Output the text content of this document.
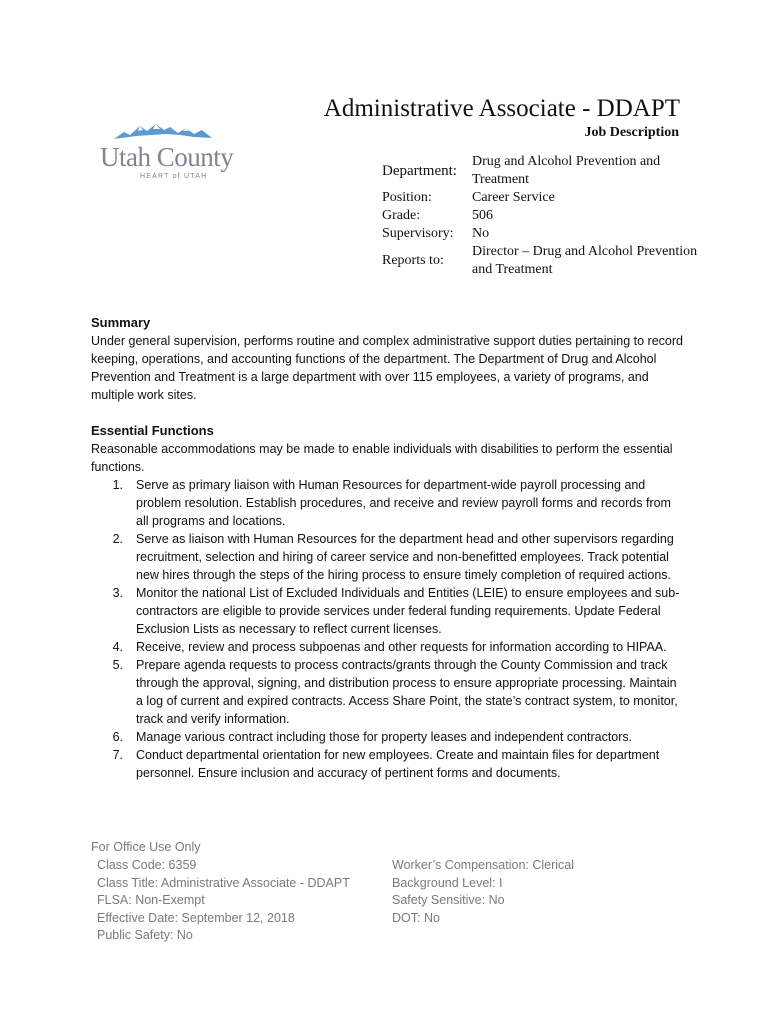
Utah County
HEART of UTAH
Administrative Associate - DDAPT
Job Description
Department:
Drug and Alcohol Prevention and Treatment
Position:	Career Service
Grade:	506
Supervisory:	No
Reports to:
Director – Drug and Alcohol Prevention and Treatment
Summary

Under general supervision, performs routine and complex administrative support duties pertaining to record keeping, operations, and accounting functions of the department. The Department of Drug and Alcohol Prevention and Treatment is a large department with over 115 employees, a variety of programs, and multiple work sites.

Essential Functions

Reasonable accommodations may be made to enable individuals with disabilities to perform the essential functions.

1.	Serve as primary liaison with Human Resources for department-wide payroll processing and problem resolution. Establish procedures, and receive and review payroll forms and records from all programs and locations.
2.	Serve as liaison with Human Resources for the department head and other supervisors regarding recruitment, selection and hiring of career service and non-benefitted employees. Track potential new hires through the steps of the hiring process to ensure timely completion of required actions.
3.	Monitor the national List of Excluded Individuals and Entities (LEIE) to ensure employees and sub-contractors are eligible to provide services under federal funding requirements. Update Federal Exclusion Lists as necessary to reflect current licenses.
4.	Receive, review and process subpoenas and other requests for information according to HIPAA.
5.	Prepare agenda requests to process contracts/grants through the County Commission and track through the approval, signing, and distribution process to ensure appropriate processing. Maintain a log of current and expired contracts. Access Share Point, the state’s contract system, to monitor, track and verify information.
6.	Manage various contract including those for property leases and independent contractors.
7.	Conduct departmental orientation for new employees. Create and maintain files for department personnel. Ensure inclusion and accuracy of pertinent forms and documents.
For Office Use Only
Class Code: 6359
Class Title: Administrative Associate - DDAPT
FLSA: Non-Exempt
Effective Date: September 12, 2018
Public Safety: No
Worker’s Compensation: Clerical
Background Level: I
Safety Sensitive: No
DOT: No
